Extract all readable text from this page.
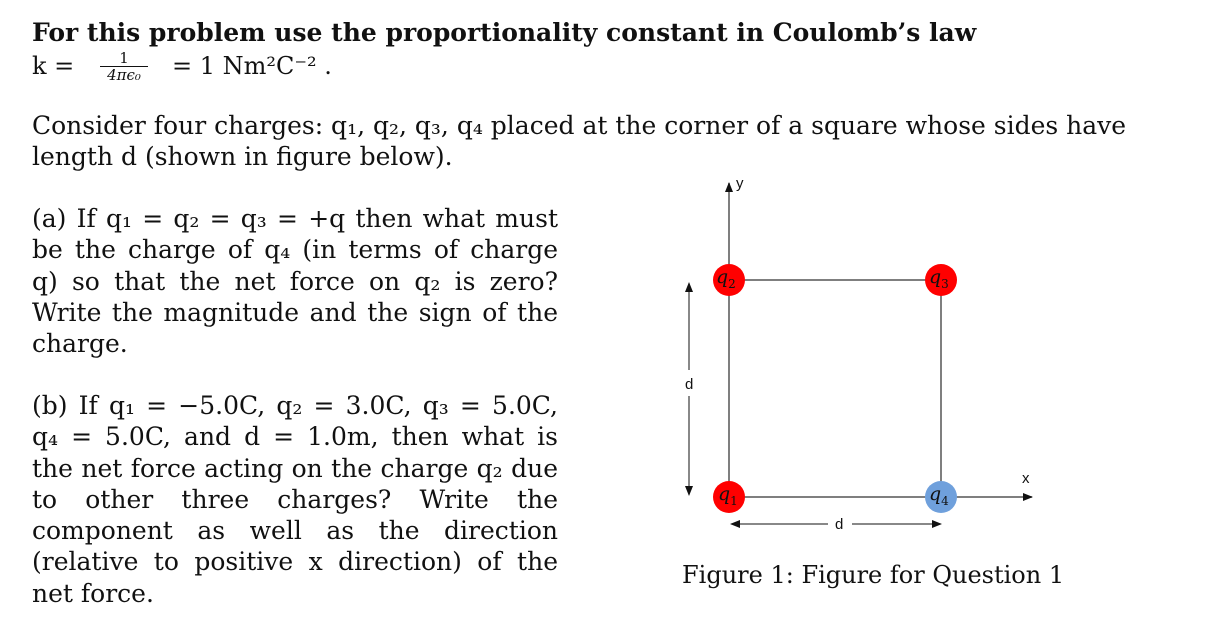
For this problem use the proportionality constant in Coulomb’s law
$k = \frac{1}{\text{4πϵ₀}} = 1$ Nm²C⁻² .
Consider four charges: q₁, q₂, q₃, q₄ placed at the corner of a square whose sides have length d (shown in figure below).
(a) If q₁ = q₂ = q₃ = +q then what must be the charge of q₄ (in terms of charge q) so that the net force on q₂ is zero? Write the magnitude and the sign of the charge.
(b) If q₁ = −5.0C, q₂ = 3.0C, q₃ = 5.0C, q₄ = 5.0C, and d = 1.0m, then what is the net force acting on the charge q₂ due to other three charges? Write the component as well as the direction (relative to positive x direction) of the net force.
y
x
d
d
$q_1$
$q_2$	$q_3$
$q_4$
Figure 1: Figure for Question 1
